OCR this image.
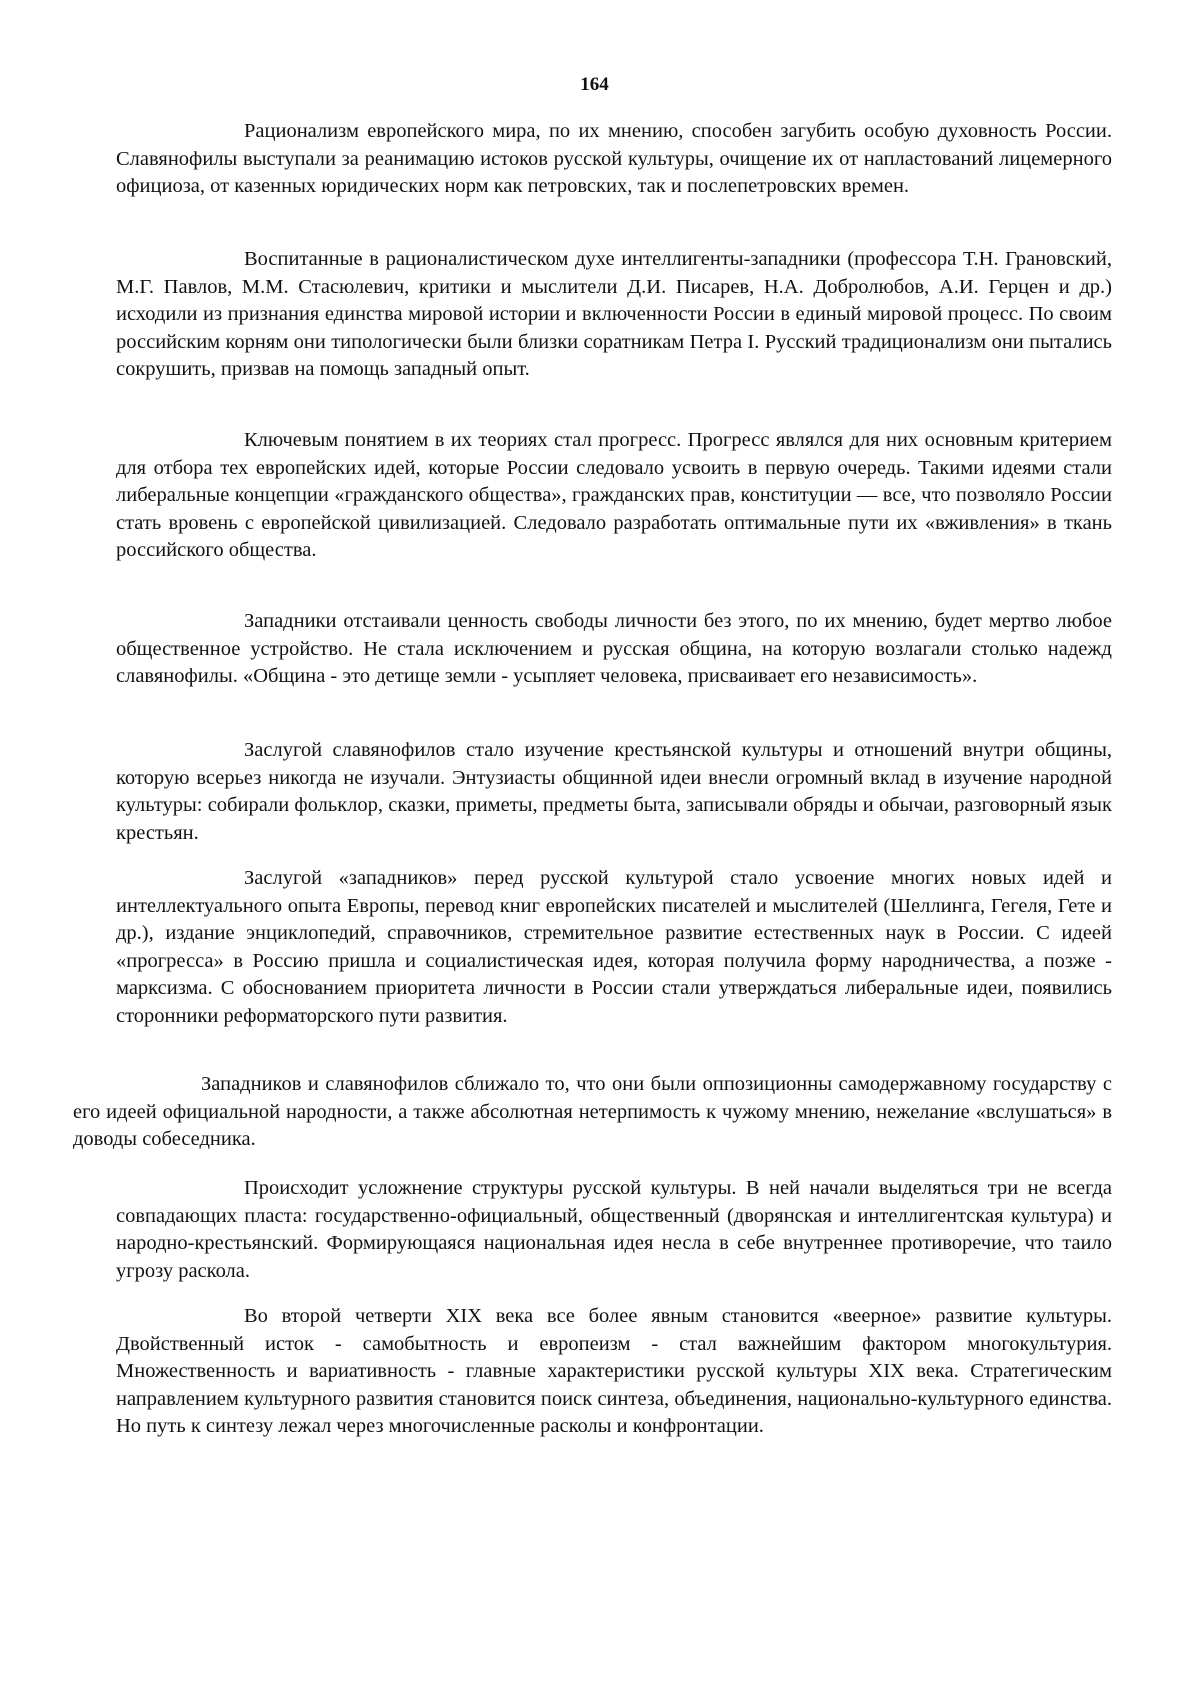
164

Рационализм европейского мира, по их мнению, способен загубить особую духовность России. Славянофилы выступали за реанимацию истоков русской культуры, очищение их от напластований лицемерного официоза, от казенных юридических норм как петровских, так и послепетровских времен.

Воспитанные в рационалистическом духе интеллигенты-западники (профессора Т.Н. Грановский, М.Г. Павлов, М.М. Стасюлевич, критики и мыслители Д.И. Писарев, Н.А. Добролюбов, А.И. Герцен и др.) исходили из признания единства мировой истории и включенности России в единый мировой процесс. По своим российским корням они типологически были близки соратникам Петра I. Русский традиционализм они пытались сокрушить, призвав на помощь западный опыт.

Ключевым понятием в их теориях стал прогресс. Прогресс являлся для них основным критерием для отбора тех европейских идей, которые России следовало усвоить в первую очередь. Такими идеями стали либеральные концепции «гражданского общества», гражданских прав, конституции — все, что позволяло России стать вровень с европейской цивилизацией. Следовало разработать оптимальные пути их «вживления» в ткань российского общества.

Западники отстаивали ценность свободы личности без этого, по их мнению, будет мертво любое общественное устройство. Не стала исключением и русская община, на которую возлагали столько надежд славянофилы. «Община - это детище земли - усыпляет человека, присваивает его независимость».

Заслугой славянофилов стало изучение крестьянской культуры и отношений внутри общины, которую всерьез никогда не изучали. Энтузиасты общинной идеи внесли огромный вклад в изучение народной культуры: собирали фольклор, сказки, приметы, предметы быта, записывали обряды и обычаи, разговорный язык крестьян.

Заслугой «западников» перед русской культурой стало усвоение многих новых идей и интеллектуального опыта Европы, перевод книг европейских писателей и мыслителей (Шеллинга, Гегеля, Гете и др.), издание энциклопедий, справочников, стремительное развитие естественных наук в России. С идеей «прогресса» в Россию пришла и социалистическая идея, которая получила форму народничества, а позже - марксизма. С обоснованием приоритета личности в России стали утверждаться либеральные идеи, появились сторонники реформаторского пути развития.

Западников и славянофилов сближало то, что они были оппозиционны самодержавному государству с его идеей официальной народности, а также абсолютная нетерпимость к чужому мнению, нежелание «вслушаться» в доводы собеседника.

Происходит усложнение структуры русской культуры. В ней начали выделяться три не всегда совпадающих пласта: государственно-официальный, общественный (дворянская и интеллигентская культура) и народно-крестьянский. Формирующаяся национальная идея несла в себе внутреннее противоречие, что таило угрозу раскола.

Во второй четверти XIX века все более явным становится «веерное» развитие культуры. Двойственный исток - самобытность и европеизм - стал важнейшим фактором многокультурия. Множественность и вариативность - главные характеристики русской культуры XIX века. Стратегическим направлением культурного развития становится поиск синтеза, объединения, национально-культурного единства. Но путь к синтезу лежал через многочисленные расколы и конфронтации.
